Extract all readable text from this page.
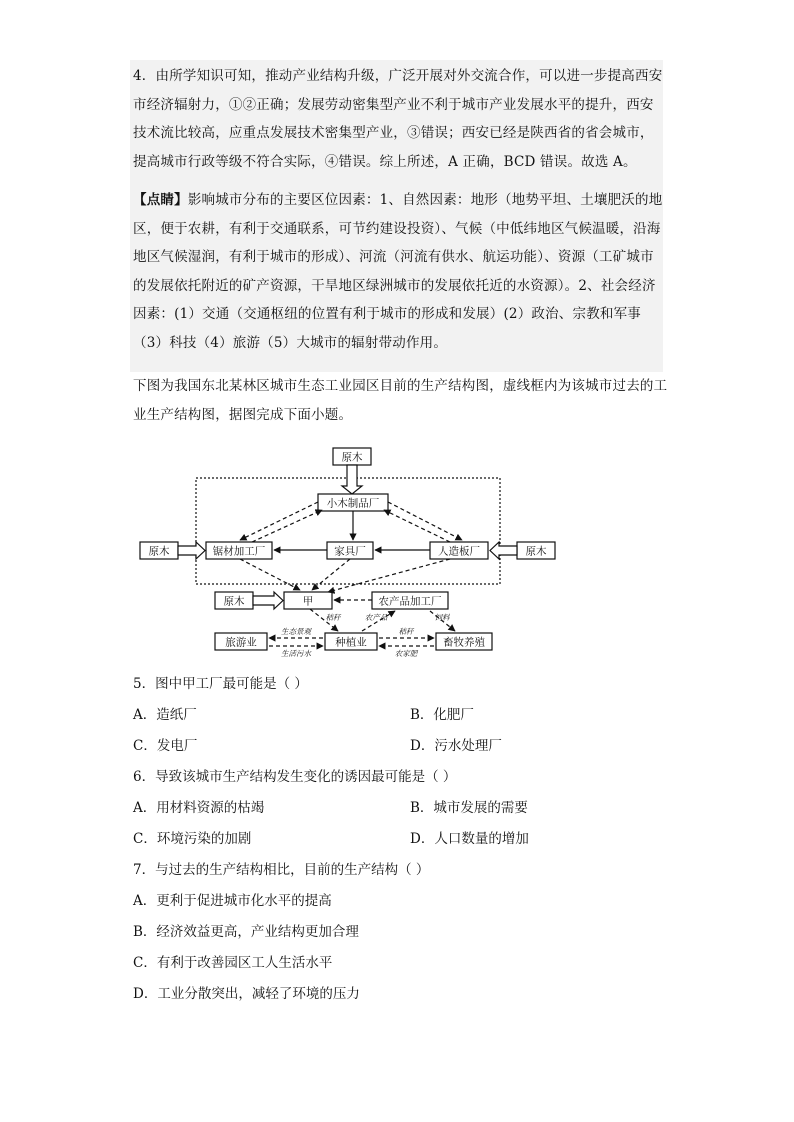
4．由所学知识可知，推动产业结构升级，广泛开展对外交流合作，可以进一步提高西安市经济辐射力，①②正确；发展劳动密集型产业不利于城市产业发展水平的提升，西安技术流比较高，应重点发展技术密集型产业，③错误；西安已经是陕西省的省会城市，提高城市行政等级不符合实际，④错误。综上所述，A 正确，BCD 错误。故选 A。

【点睛】影响城市分布的主要区位因素：1、自然因素：地形（地势平坦、土壤肥沃的地区，便于农耕，有利于交通联系，可节约建设投资）、气候（中低纬地区气候温暖，沿海地区气候湿润，有利于城市的形成）、河流（河流有供水、航运功能）、资源（工矿城市的发展依托附近的矿产资源，干旱地区绿洲城市的发展依托近的水资源）。2、社会经济因素：(1）交通（交通枢纽的位置有利于城市的形成和发展）(2）政治、宗教和军事（3）科技（4）旅游（5）大城市的辐射带动作用。

下图为我国东北某林区城市生态工业园区目前的生产结构图，虚线框内为该城市过去的工业生产结构图，据图完成下面小题。

原木
小木制品厂
锯材加工厂	家具厂	人造板厂
原木	原木
原木	甲	农产品加工厂
旅游业	种植业	畜牧养殖
生态景观
生活污水
秸秆	农产品	饲料
秸秆
农家肥
5．图中甲工厂最可能是（ ）
A．造纸厂	B．化肥厂
C．发电厂	D．污水处理厂
6．导致该城市生产结构发生变化的诱因最可能是（ ）
A．用材料资源的枯竭	B．城市发展的需要
C．环境污染的加剧	D．人口数量的增加
7．与过去的生产结构相比，目前的生产结构（ ）
A．更利于促进城市化水平的提高
B．经济效益更高，产业结构更加合理
C．有利于改善园区工人生活水平
D．工业分散突出，减轻了环境的压力
